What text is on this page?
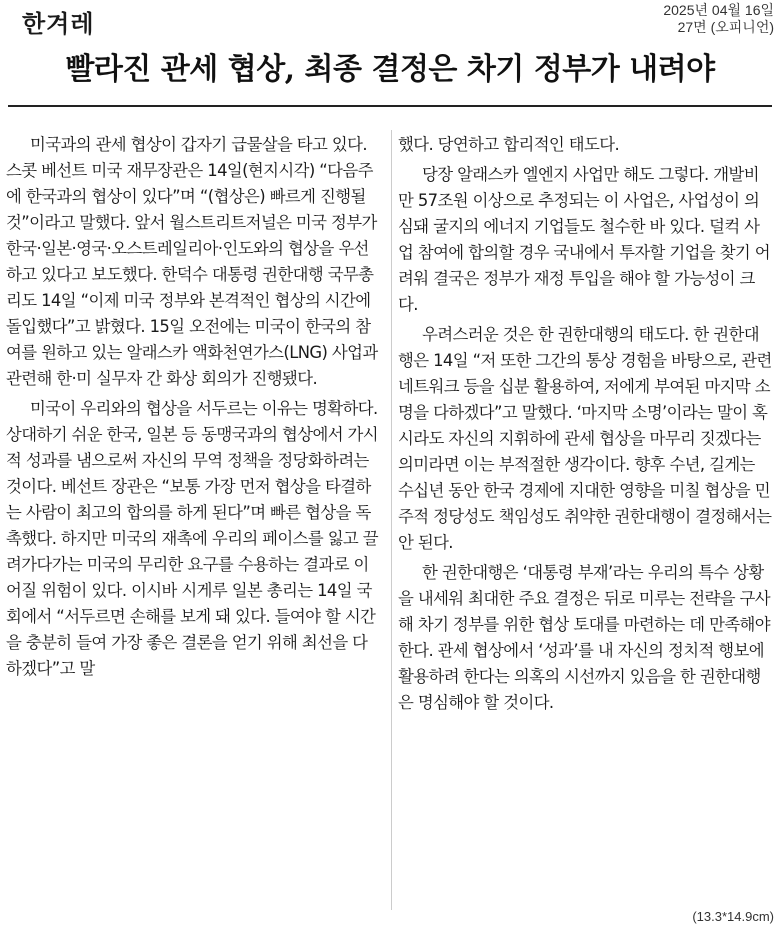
한겨레	2025년 04월 16일
27면 (오피니언)
빨라진 관세 협상, 최종 결정은 차기 정부가 내려야

미국과의 관세 협상이 갑자기 급물살을 타고 있다. 스콧 베선트 미국 재무장관은 14일(현지시각) “다음주에 한국과의 협상이 있다”며 “(협상은) 빠르게 진행될 것”이라고 말했다. 앞서 월스트리트저널은 미국 정부가 한국·일본·영국·오스트레일리아·인도와의 협상을 우선하고 있다고 보도했다. 한덕수 대통령 권한대행 국무총리도 14일 “이제 미국 정부와 본격적인 협상의 시간에 돌입했다”고 밝혔다. 15일 오전에는 미국이 한국의 참여를 원하고 있는 알래스카 액화천연가스(LNG) 사업과 관련해 한·미 실무자 간 화상 회의가 진행됐다.

미국이 우리와의 협상을 서두르는 이유는 명확하다. 상대하기 쉬운 한국, 일본 등 동맹국과의 협상에서 가시적 성과를 냄으로써 자신의 무역 정책을 정당화하려는 것이다. 베선트 장관은 “보통 가장 먼저 협상을 타결하는 사람이 최고의 합의를 하게 된다”며 빠른 협상을 독촉했다. 하지만 미국의 재촉에 우리의 페이스를 잃고 끌려가다가는 미국의 무리한 요구를 수용하는 결과로 이어질 위험이 있다. 이시바 시게루 일본 총리는 14일 국회에서 “서두르면 손해를 보게 돼 있다. 들여야 할 시간을 충분히 들여 가장 좋은 결론을 얻기 위해 최선을 다하겠다”고 말

했다. 당연하고 합리적인 태도다.

당장 알래스카 엘엔지 사업만 해도 그렇다. 개발비만 57조원 이상으로 추정되는 이 사업은, 사업성이 의심돼 굴지의 에너지 기업들도 철수한 바 있다. 덜컥 사업 참여에 합의할 경우 국내에서 투자할 기업을 찾기 어려워 결국은 정부가 재정 투입을 해야 할 가능성이 크다.

우려스러운 것은 한 권한대행의 태도다. 한 권한대행은 14일 “저 또한 그간의 통상 경험을 바탕으로, 관련 네트워크 등을 십분 활용하여, 저에게 부여된 마지막 소명을 다하겠다”고 말했다. ‘마지막 소명’이라는 말이 혹시라도 자신의 지휘하에 관세 협상을 마무리 짓겠다는 의미라면 이는 부적절한 생각이다. 향후 수년, 길게는 수십년 동안 한국 경제에 지대한 영향을 미칠 협상을 민주적 정당성도 책임성도 취약한 권한대행이 결정해서는 안 된다.

한 권한대행은 ‘대통령 부재’라는 우리의 특수 상황을 내세워 최대한 주요 결정은 뒤로 미루는 전략을 구사해 차기 정부를 위한 협상 토대를 마련하는 데 만족해야 한다. 관세 협상에서 ‘성과’를 내 자신의 정치적 행보에 활용하려 한다는 의혹의 시선까지 있음을 한 권한대행은 명심해야 할 것이다.

(13.3*14.9cm)
